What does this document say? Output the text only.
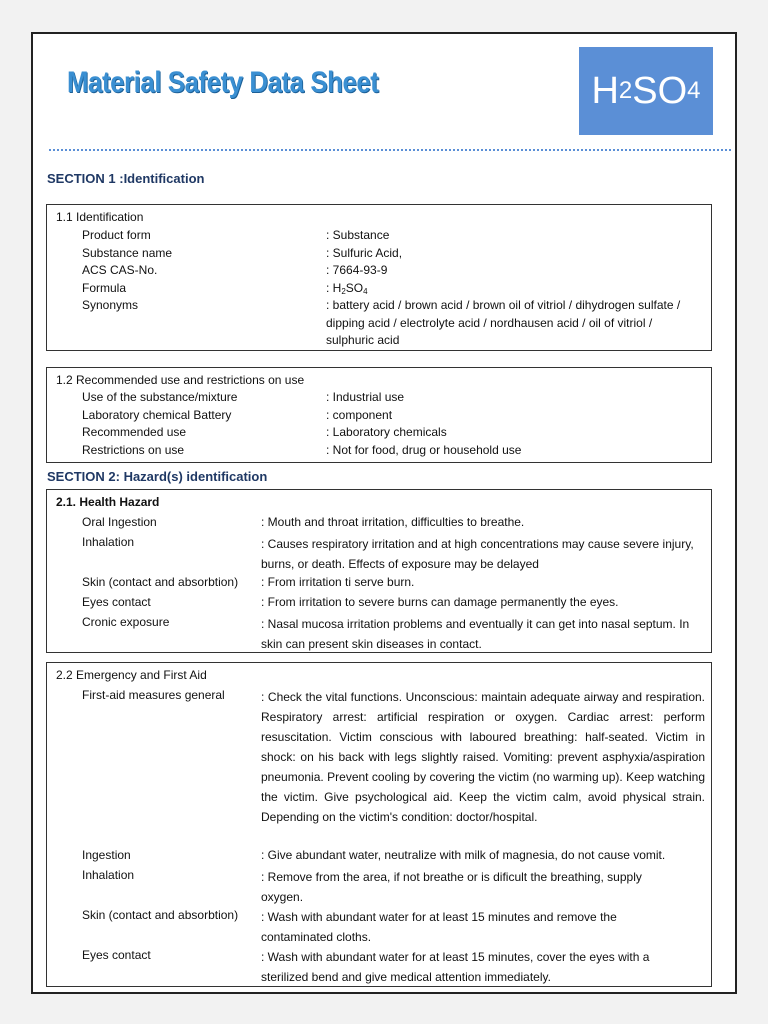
Material Safety Data Sheet	H 2 SO 4
SECTION 1 :Identification
1.1 Identification
Product form	: Substance
Substance name	: Sulfuric Acid,
ACS CAS-No.	: 7664-93-9
Formula	: $H_2SO_4$
Synonyms	: battery acid / brown acid / brown oil of vitriol / dihydrogen sulfate / dipping acid / electrolyte acid / nordhausen acid / oil of vitriol / sulphuric acid
1.2 Recommended use and restrictions on use
Use of the substance/mixture	: Industrial use
Laboratory chemical Battery	: component
Recommended use	: Laboratory chemicals
Restrictions on use	: Not for food, drug or household use
SECTION 2: Hazard(s) identification
2.1. Health Hazard
Oral Ingestion	: Mouth and throat irritation, difficulties to breathe.
Inhalation	: Causes respiratory irritation and at high concentrations may cause severe injury, burns, or death. Effects of exposure may be delayed
Skin (contact and absorbtion) : From irritation ti serve burn.
Eyes contact	: From irritation to severe burns can damage permanently the eyes.
Cronic exposure	: Nasal mucosa irritation problems and eventually it can get into nasal septum. In skin can present skin diseases in contact.
2.2 Emergency and First Aid
First-aid measures general	: Check the vital functions. Unconscious: maintain adequate airway and respiration. Respiratory arrest: artificial respiration or oxygen. Cardiac arrest: perform resuscitation. Victim conscious with laboured breathing: half-seated. Victim in shock: on his back with legs slightly raised. Vomiting: prevent asphyxia/aspiration pneumonia. Prevent cooling by covering the victim (no warming up). Keep watching the victim. Give psychological aid. Keep the victim calm, avoid physical strain. Depending on the victim's condition: doctor/hospital.
Ingestion	: Give abundant water, neutralize with milk of magnesia, do not cause vomit.
Inhalation	: Remove from the area, if not breathe or is dificult the breathing, supply oxygen.
Skin (contact and absorbtion) : Wash with abundant water for at least 15 minutes and remove the contaminated cloths.
Eyes contact	: Wash with abundant water for at least 15 minutes, cover the eyes with a sterilized bend and give medical attention immediately.
